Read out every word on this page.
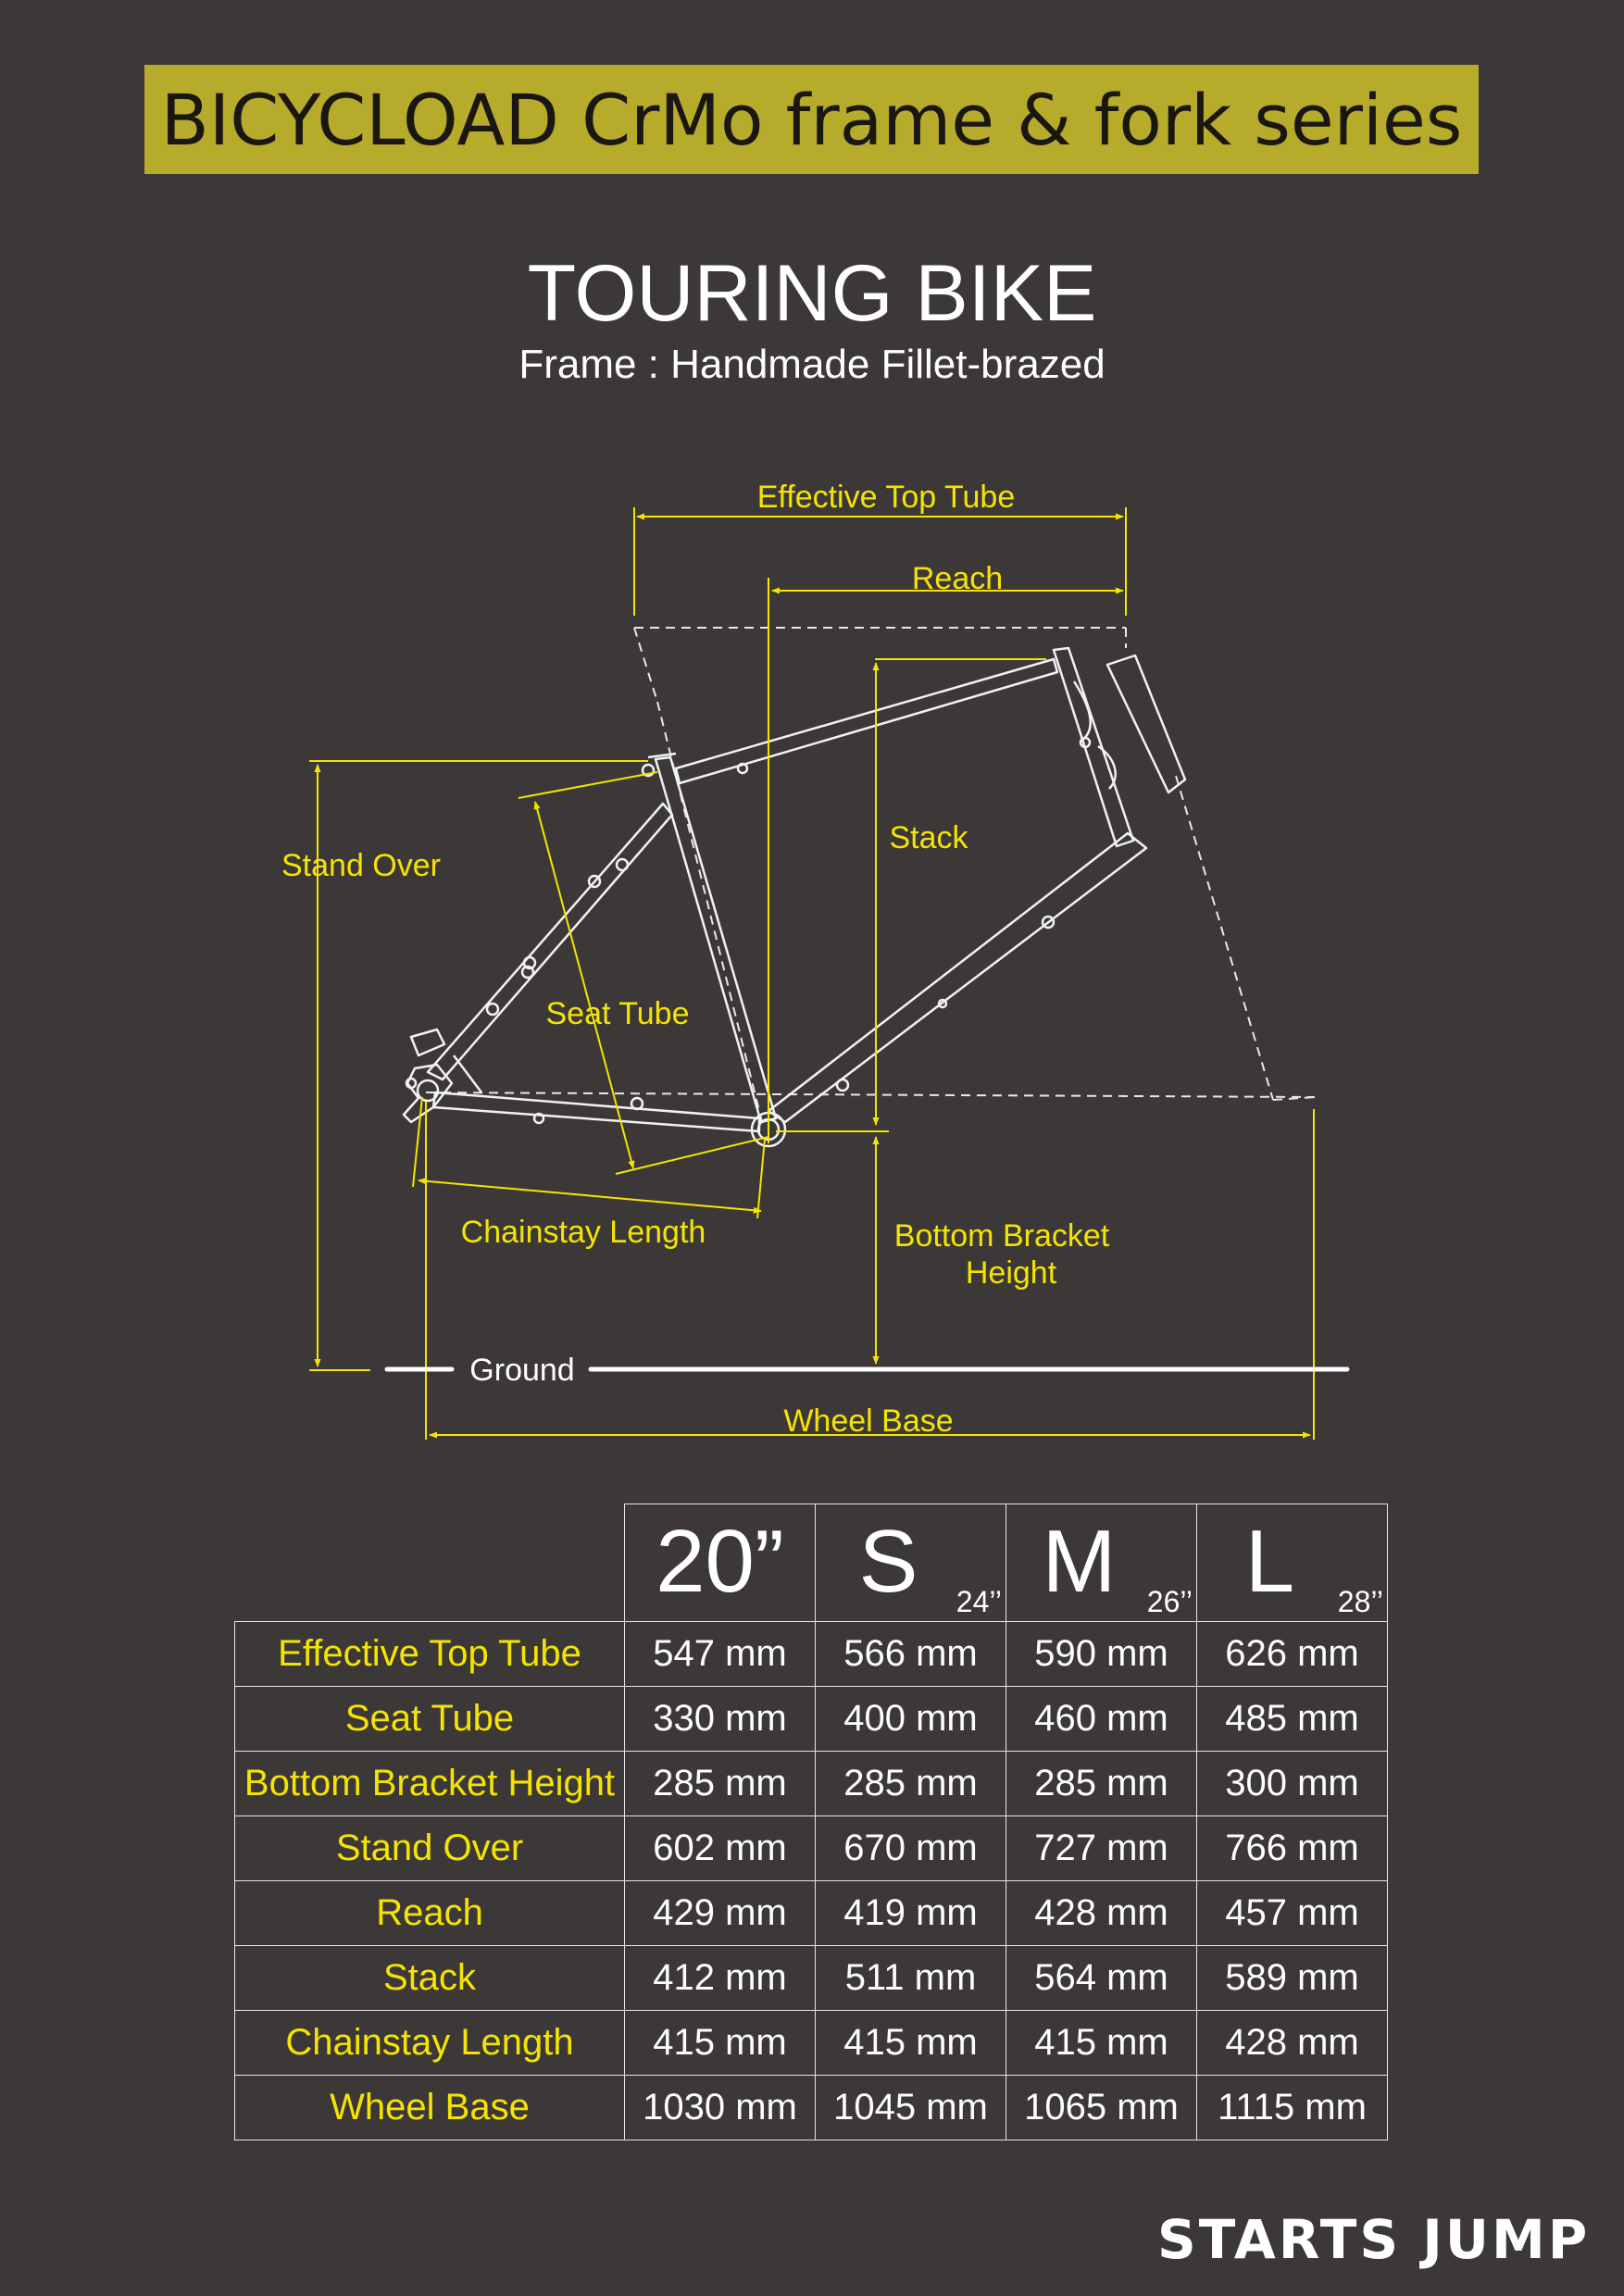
BICYCLOAD CrMo frame & fork series
TOURING BIKE
Frame : Handmade Fillet-brazed
Effective Top Tube
Reach
Stand Over
Stack
Seat Tube
Chainstay Length	Bottom Bracket
Height
Ground
Wheel Base

	20”	S 24’’	M 26’’	L 28’’

Effective Top Tube	547 mm	566 mm	590 mm	626 mm
Seat Tube	330 mm	400 mm	460 mm	485 mm
Bottom Bracket Height	285 mm	285 mm	285 mm	300 mm
Stand Over	602 mm	670 mm	727 mm	766 mm
Reach	429 mm	419 mm	428 mm	457 mm
Stack	412 mm	511 mm	564 mm	589 mm
Chainstay Length	415 mm	415 mm	415 mm	428 mm
Wheel Base	1030 mm	1045 mm	1065 mm	1115 mm
STARTS JUMP
